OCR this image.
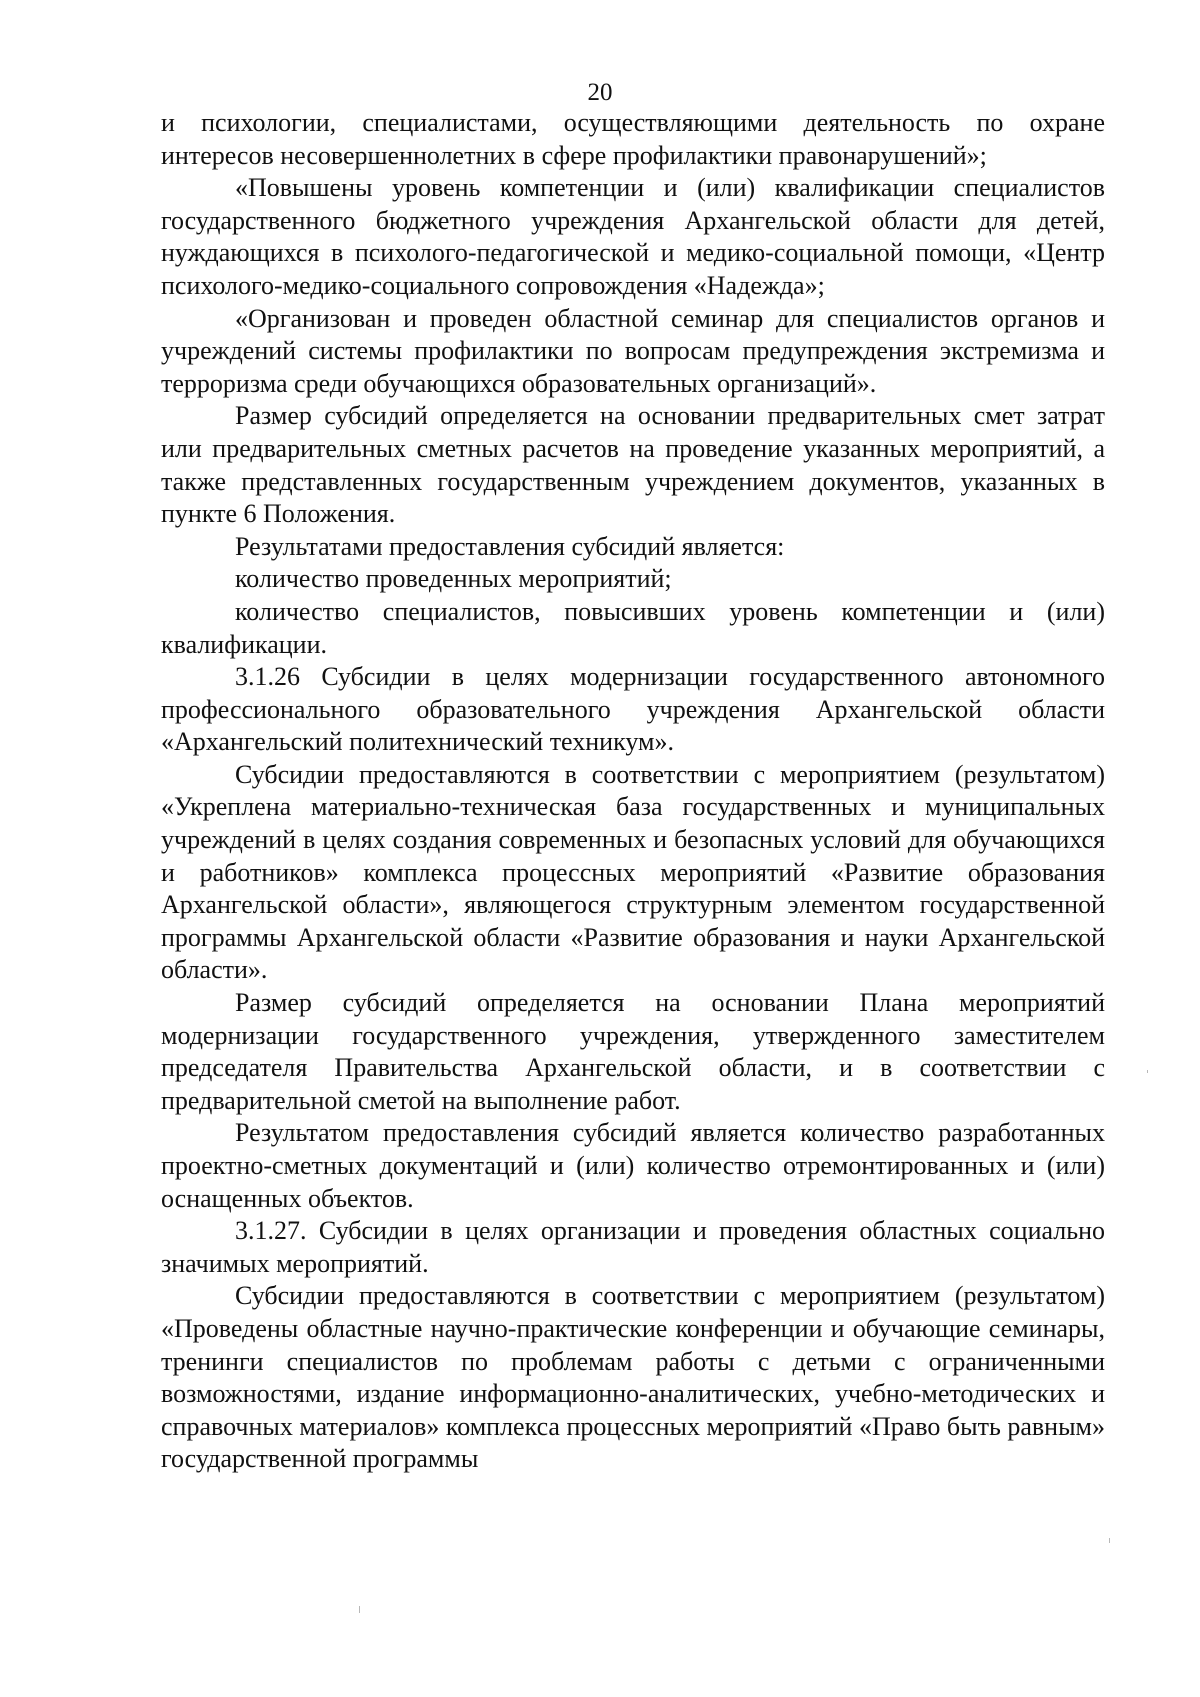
20

и психологии, специалистами, осуществляющими деятельность по охране интересов несовершеннолетних в сфере профилактики правонарушений»;

«Повышены уровень компетенции и (или) квалификации специалистов государственного бюджетного учреждения Архангельской области для детей, нуждающихся в психолого-педагогической и медико-социальной помощи, «Центр психолого-медико-социального сопровождения «Надежда»;

«Организован и проведен областной семинар для специалистов органов и учреждений системы профилактики по вопросам предупреждения экстремизма и терроризма среди обучающихся образовательных организаций».

Размер субсидий определяется на основании предварительных смет затрат или предварительных сметных расчетов на проведение указанных мероприятий, а также представленных государственным учреждением документов, указанных в пункте 6 Положения.

Результатами предоставления субсидий является:

количество проведенных мероприятий;

количество специалистов, повысивших уровень компетенции и (или) квалификации.

3.1.26 Субсидии в целях модернизации государственного автономного профессионального образовательного учреждения Архангельской области «Архангельский политехнический техникум».

Субсидии предоставляются в соответствии с мероприятием (результатом) «Укреплена материально-техническая база государственных и муниципальных учреждений в целях создания современных и безопасных условий для обучающихся и работников» комплекса процессных мероприятий «Развитие образования Архангельской области», являющегося структурным элементом государственной программы Архангельской области «Развитие образования и науки Архангельской области».

Размер субсидий определяется на основании Плана мероприятий модернизации государственного учреждения, утвержденного заместителем председателя Правительства Архангельской области, и в соответствии с предварительной сметой на выполнение работ.

Результатом предоставления субсидий является количество разработанных проектно-сметных документаций и (или) количество отремонтированных и (или) оснащенных объектов.

3.1.27. Субсидии в целях организации и проведения областных социально значимых мероприятий.

Субсидии предоставляются в соответствии с мероприятием (результатом) «Проведены областные научно-практические конференции и обучающие семинары, тренинги специалистов по проблемам работы с детьми с ограниченными возможностями, издание информационно-аналитических, учебно-методических и справочных материалов» комплекса процессных мероприятий «Право быть равным» государственной программы
